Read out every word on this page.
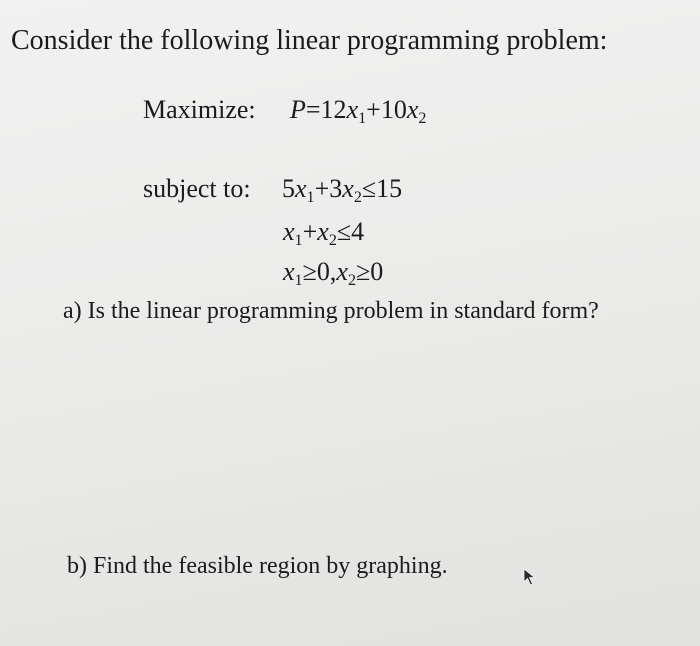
Consider the following linear programming problem:
Maximize: $P=12x_1+10x_2$
subject to: $5x_1+3x_2\le 15$
$x_1+x_2\le 4$
$x_1\ge 0,x_2\ge 0$
a) Is the linear programming problem in standard form?
b) Find the feasible region by graphing.
